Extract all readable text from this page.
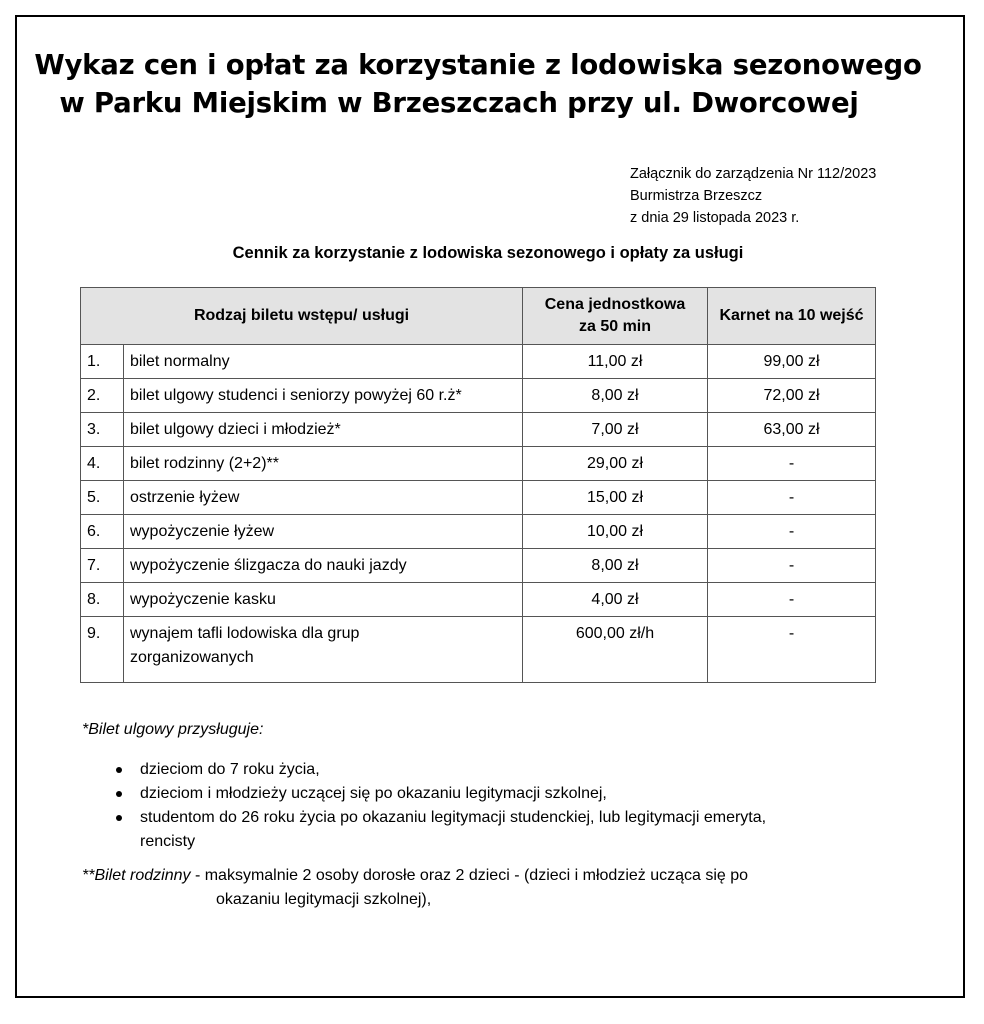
Wykaz cen i opłat za korzystanie z lodowiska sezonowego
w Parku Miejskim w Brzeszczach przy ul. Dworcowej
Załącznik do zarządzenia Nr 112/2023
Burmistrza Brzeszcz
z dnia 29 listopada 2023 r.
Cennik za korzystanie z lodowiska sezonowego i opłaty za usługi
Rodzaj biletu wstępu/ usługi		Cena jednostkowa
za 50 min	Karnet na 10 wejść
1.	bilet normalny	11,00 zł	99,00 zł
2.	bilet ulgowy studenci i seniorzy powyżej 60 r.ż*	8,00 zł	72,00 zł
3.	bilet ulgowy dzieci i młodzież*	7,00 zł	63,00 zł
4.	bilet rodzinny (2+2)**	29,00 zł	-
5.	ostrzenie łyżew	15,00 zł	-
6.	wypożyczenie łyżew	10,00 zł	-
7.	wypożyczenie ślizgacza do nauki jazdy	8,00 zł	-
8.	wypożyczenie kasku	4,00 zł	-
9.	wynajem tafli lodowiska dla grup
zorganizowanych	600,00 zł/h	-
*Bilet ulgowy przysługuje:
dzieciom do 7 roku życia,
dzieciom i młodzieży uczącej się po okazaniu legitymacji szkolnej,
studentom do 26 roku życia po okazaniu legitymacji studenckiej, lub legitymacji emeryta,
rencisty
**Bilet rodzinny - maksymalnie 2 osoby dorosłe oraz 2 dzieci - (dzieci i młodzież ucząca się po
okazaniu legitymacji szkolnej),
